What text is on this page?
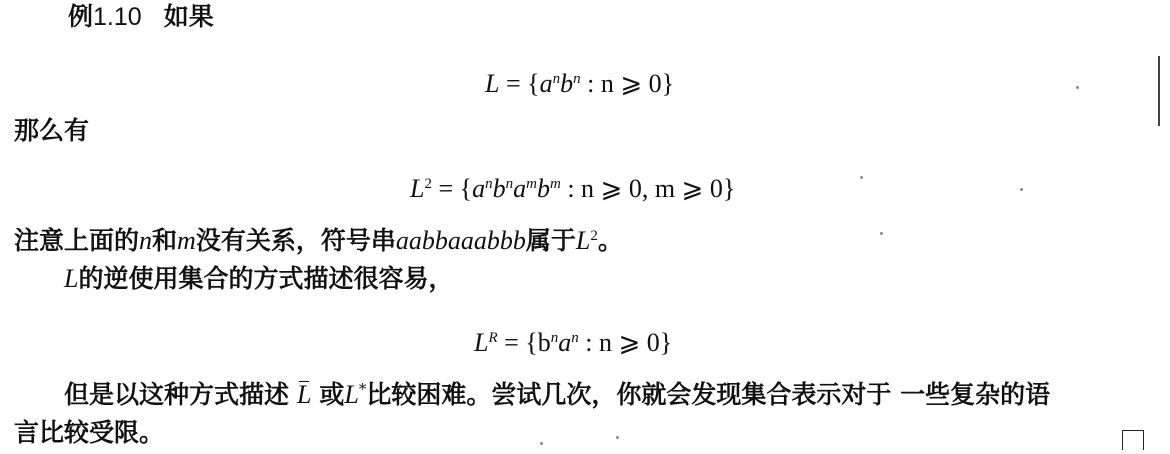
例1.10 如果
$L = \{a^nb^n$ : n ⩾ 0}
那么有
$L^2 = \{a^nb^na^mb^m$ : n ⩾ 0, m ⩾ 0}
注意上面的n和m没有关系，符号串aabbaaabbb属于$L^2$。
L的逆使用集合的方式描述很容易，
$L^R = \{b^na^n$ : n ⩾ 0}
但是以这种方式描述 L 或L*比较困难。尝试几次，你就会发现集合表示对于 一些复杂的语
言比较受限。
